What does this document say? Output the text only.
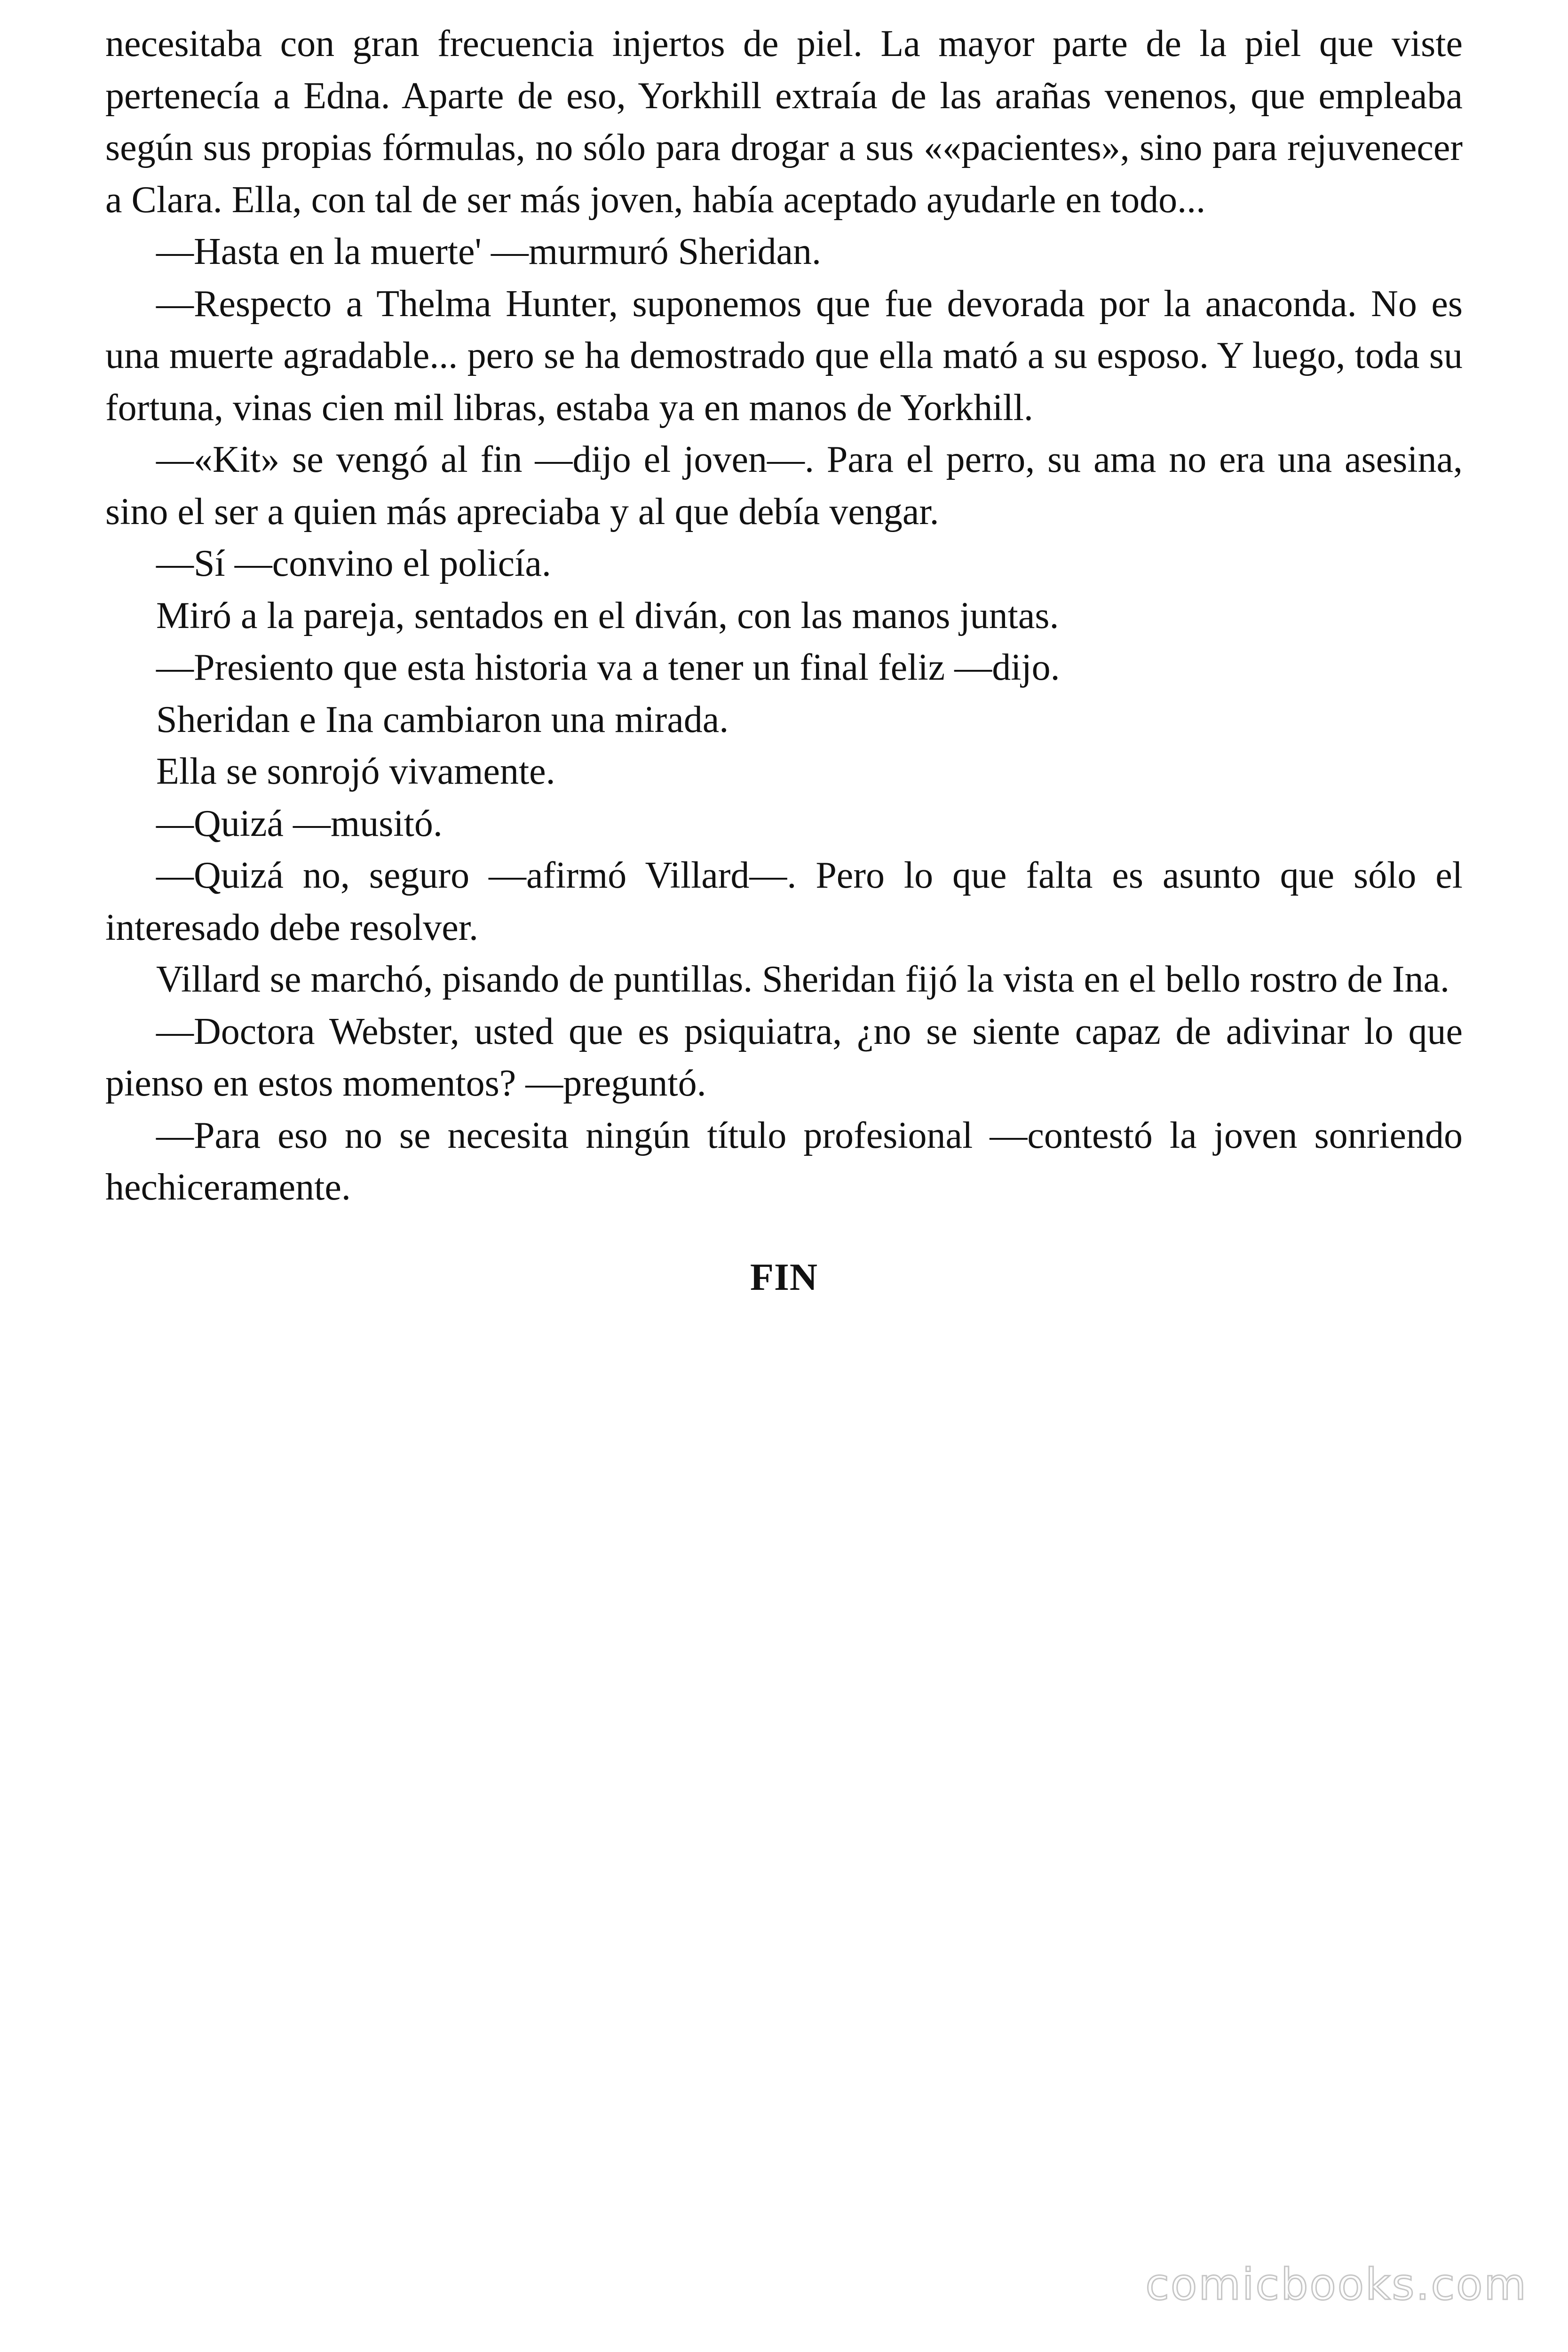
necesitaba con gran frecuencia injertos de piel. La mayor parte de la piel que viste pertenecía a Edna. Aparte de eso, Yorkhill extraía de las arañas venenos, que empleaba según sus propias fórmulas, no sólo para drogar a sus ««pacientes», sino para rejuvenecer a Clara. Ella, con tal de ser más joven, había aceptado ayudarle en todo...

—Hasta en la muerte' —murmuró Sheridan.

—Respecto a Thelma Hunter, suponemos que fue devorada por la anaconda. No es una muerte agradable... pero se ha demostrado que ella mató a su esposo. Y luego, toda su fortuna, vinas cien mil libras, estaba ya en manos de Yorkhill.

—«Kit» se vengó al fin —dijo el joven—. Para el perro, su ama no era una asesina, sino el ser a quien más apreciaba y al que debía vengar.

—Sí —convino el policía.

Miró a la pareja, sentados en el diván, con las manos juntas.

—Presiento que esta historia va a tener un final feliz —dijo.

Sheridan e Ina cambiaron una mirada.

Ella se sonrojó vivamente.

—Quizá —musitó.

—Quizá no, seguro —afirmó Villard—. Pero lo que falta es asunto que sólo el interesado debe resolver.

Villard se marchó, pisando de puntillas. Sheridan fijó la vista en el bello rostro de Ina.

—Doctora Webster, usted que es psiquiatra, ¿no se siente capaz de adivinar lo que pienso en estos momentos? —preguntó.

—Para eso no se necesita ningún título profesional —contestó la joven sonriendo hechiceramente.

FIN
comicbooks.com
